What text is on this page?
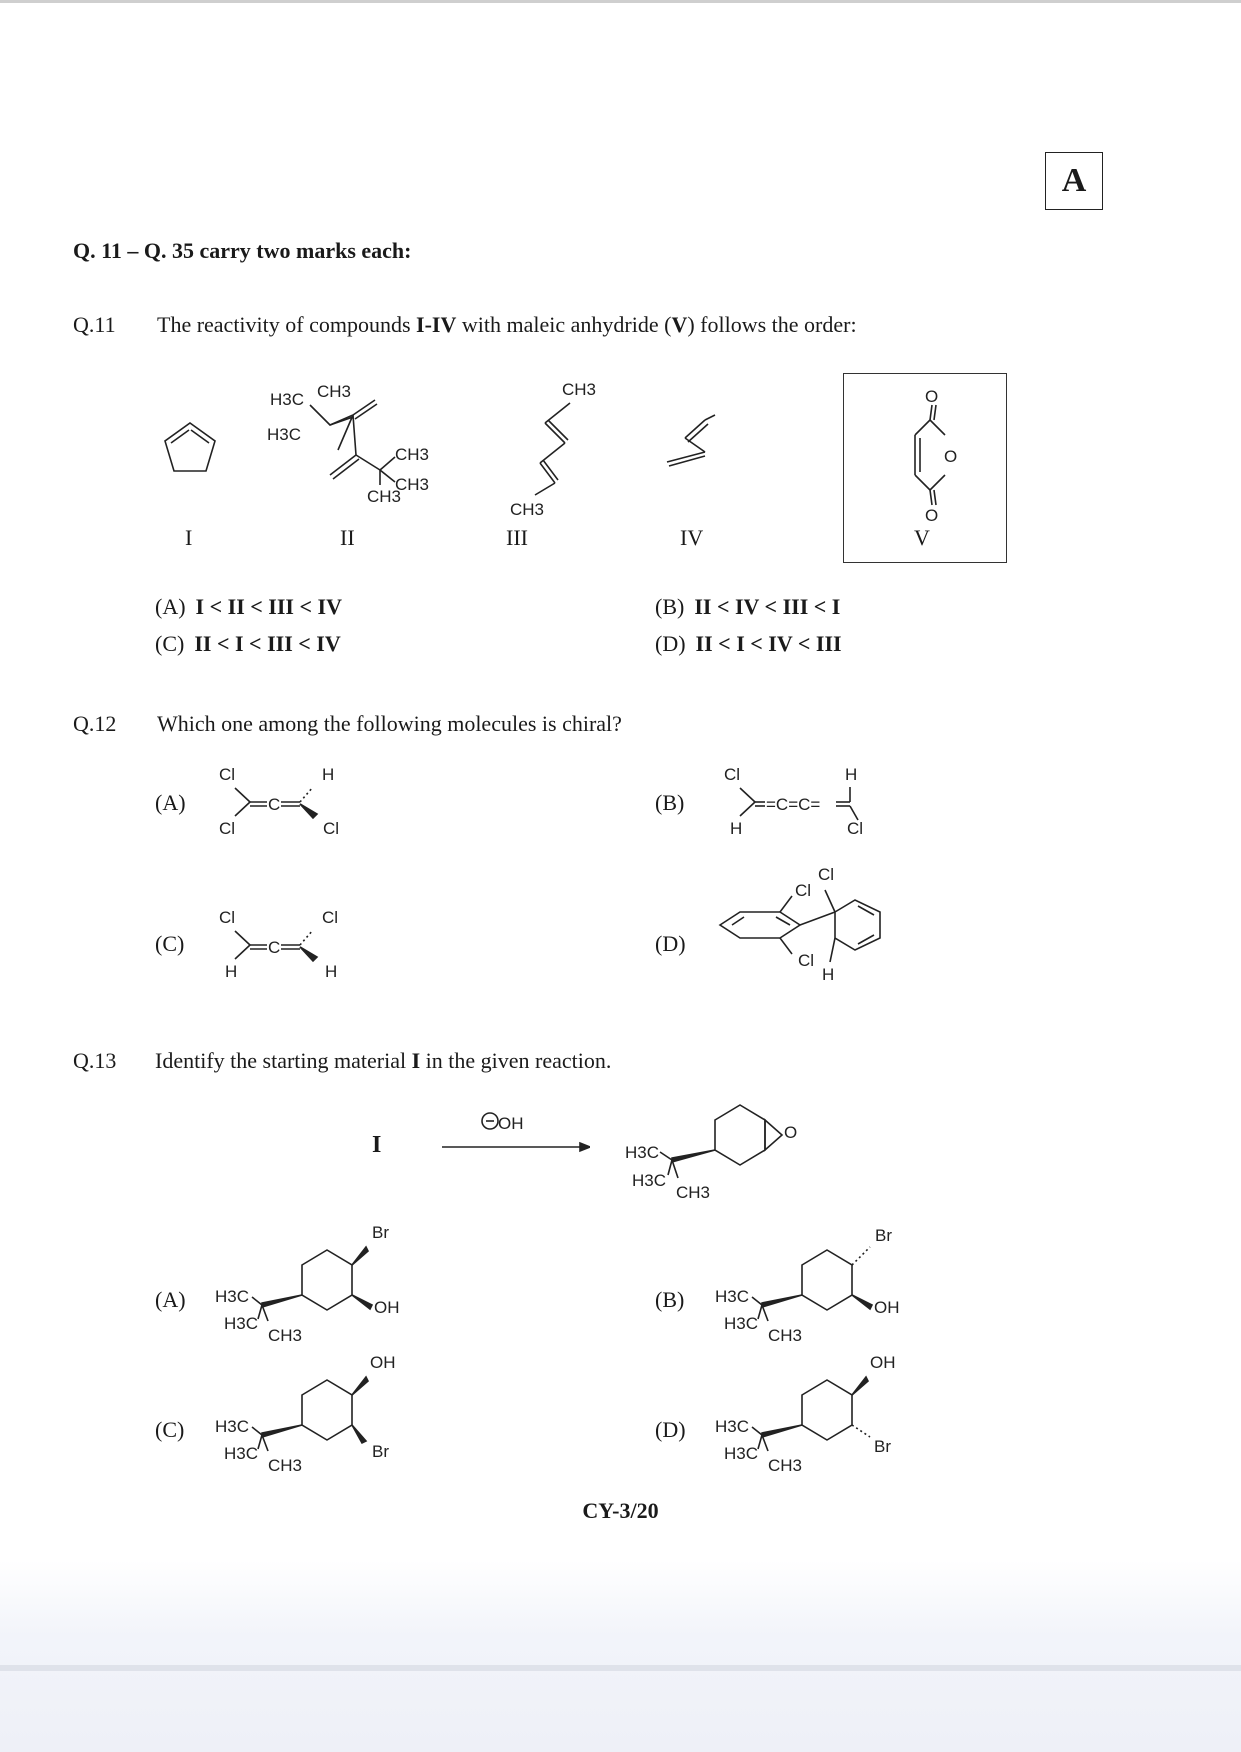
A
Q. 11 – Q. 35 carry two marks each:
Q.11 The reactivity of compounds I-IV with maleic anhydride (V) follows the order:
H3C CH3
H3C
CH3
CH3
CH3
CH3
CH3
O
O
O
I	II	III	IV	V
(A) I < II < III < IV	(B) II < IV < III < I
(C) II < I < III < IV	(D) II < I < IV < III
Q.12 Which one among the following molecules is chiral?
(A)
Cl
Cl
C
H
Cl
(B)
Cl
H
=C=C=
H
Cl
(C)
Cl
H
C
Cl
H
(D)
Cl
Cl
Cl
H
Q.13 Identify the starting material I in the given reaction.
I
OH	O
H3C
H3C
CH3
(A)
Br
OH
H3C
H3C
CH3
(B)
Br
OH
H3C
H3C
CH3
(C)
OH
Br
H3C
H3C
CH3
(D)
OH
Br
H3C
H3C
CH3
CY-3/20
